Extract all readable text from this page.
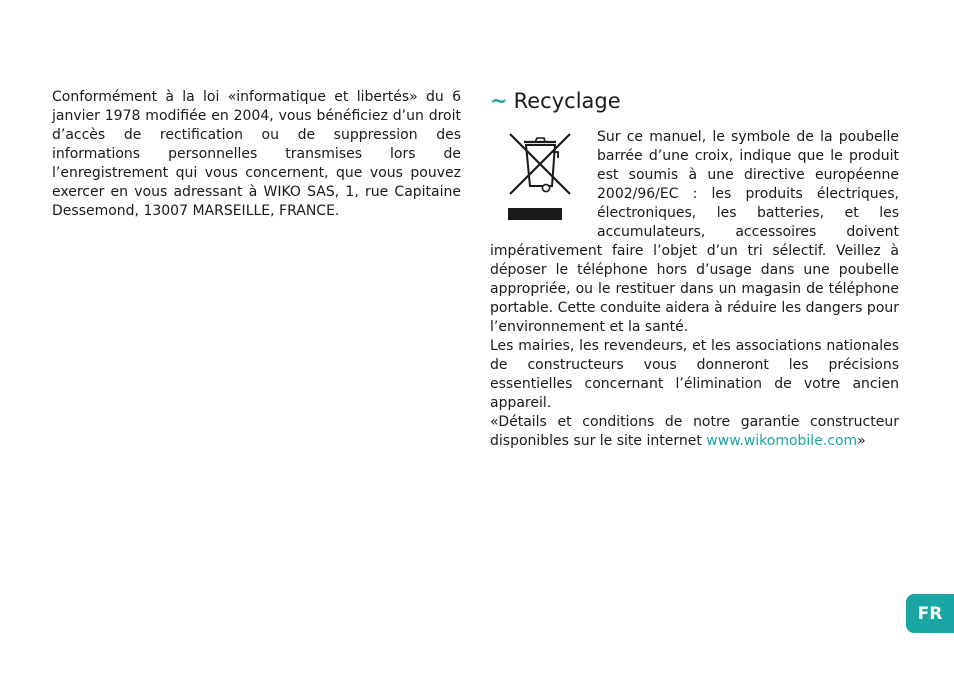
Conformément à la loi «informatique et libertés» du 6 janvier 1978 modifiée en 2004, vous bénéficiez d’un droit d’accès de rectification ou de suppression des informations personnelles transmises lors de l’enregistrement qui vous concernent, que vous pouvez exercer en vous adressant à WIKO SAS, 1, rue Capitaine Dessemond, 13007 MARSEILLE, FRANCE.

~ Recyclage

Sur ce manuel, le symbole de la poubelle barrée d’une croix, indique que le produit est soumis à une directive européenne 2002/96/EC : les produits électriques, électroniques, les batteries, et les accumulateurs, accessoires doivent impérativement faire l’objet d’un tri sélectif. Veillez à déposer le téléphone hors d’usage dans une poubelle appropriée, ou le restituer dans un magasin de téléphone portable. Cette conduite aidera à réduire les dangers pour l’environnement et la santé.

Les mairies, les revendeurs, et les associations nationales de constructeurs vous donneront les précisions essentielles concernant l’élimination de votre ancien appareil.

«Détails et conditions de notre garantie constructeur disponibles sur le site internet www.wikomobile.com»

FR
